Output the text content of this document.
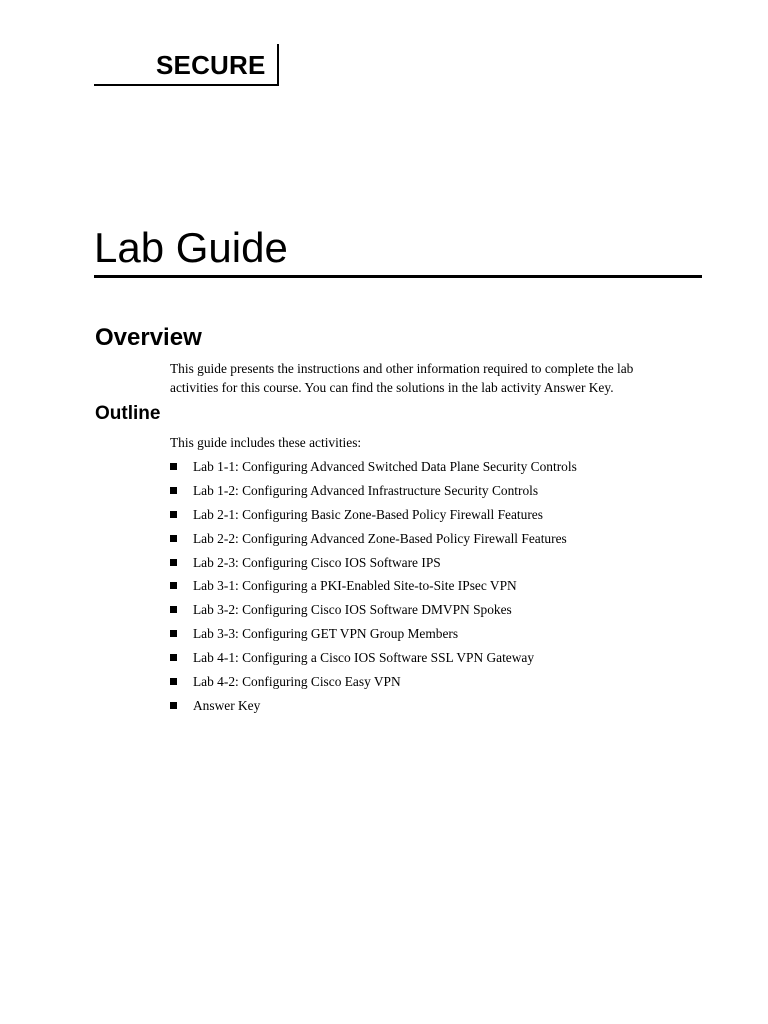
SECURE
Lab Guide
Overview

This guide presents the instructions and other information required to complete the lab
activities for this course. You can find the solutions in the lab activity Answer Key.

Outline

This guide includes these activities:

Lab 1-1: Configuring Advanced Switched Data Plane Security Controls
Lab 1-2: Configuring Advanced Infrastructure Security Controls
Lab 2-1: Configuring Basic Zone-Based Policy Firewall Features
Lab 2-2: Configuring Advanced Zone-Based Policy Firewall Features
Lab 2-3: Configuring Cisco IOS Software IPS
Lab 3-1: Configuring a PKI-Enabled Site-to-Site IPsec VPN
Lab 3-2: Configuring Cisco IOS Software DMVPN Spokes
Lab 3-3: Configuring GET VPN Group Members
Lab 4-1: Configuring a Cisco IOS Software SSL VPN Gateway
Lab 4-2: Configuring Cisco Easy VPN
Answer Key
